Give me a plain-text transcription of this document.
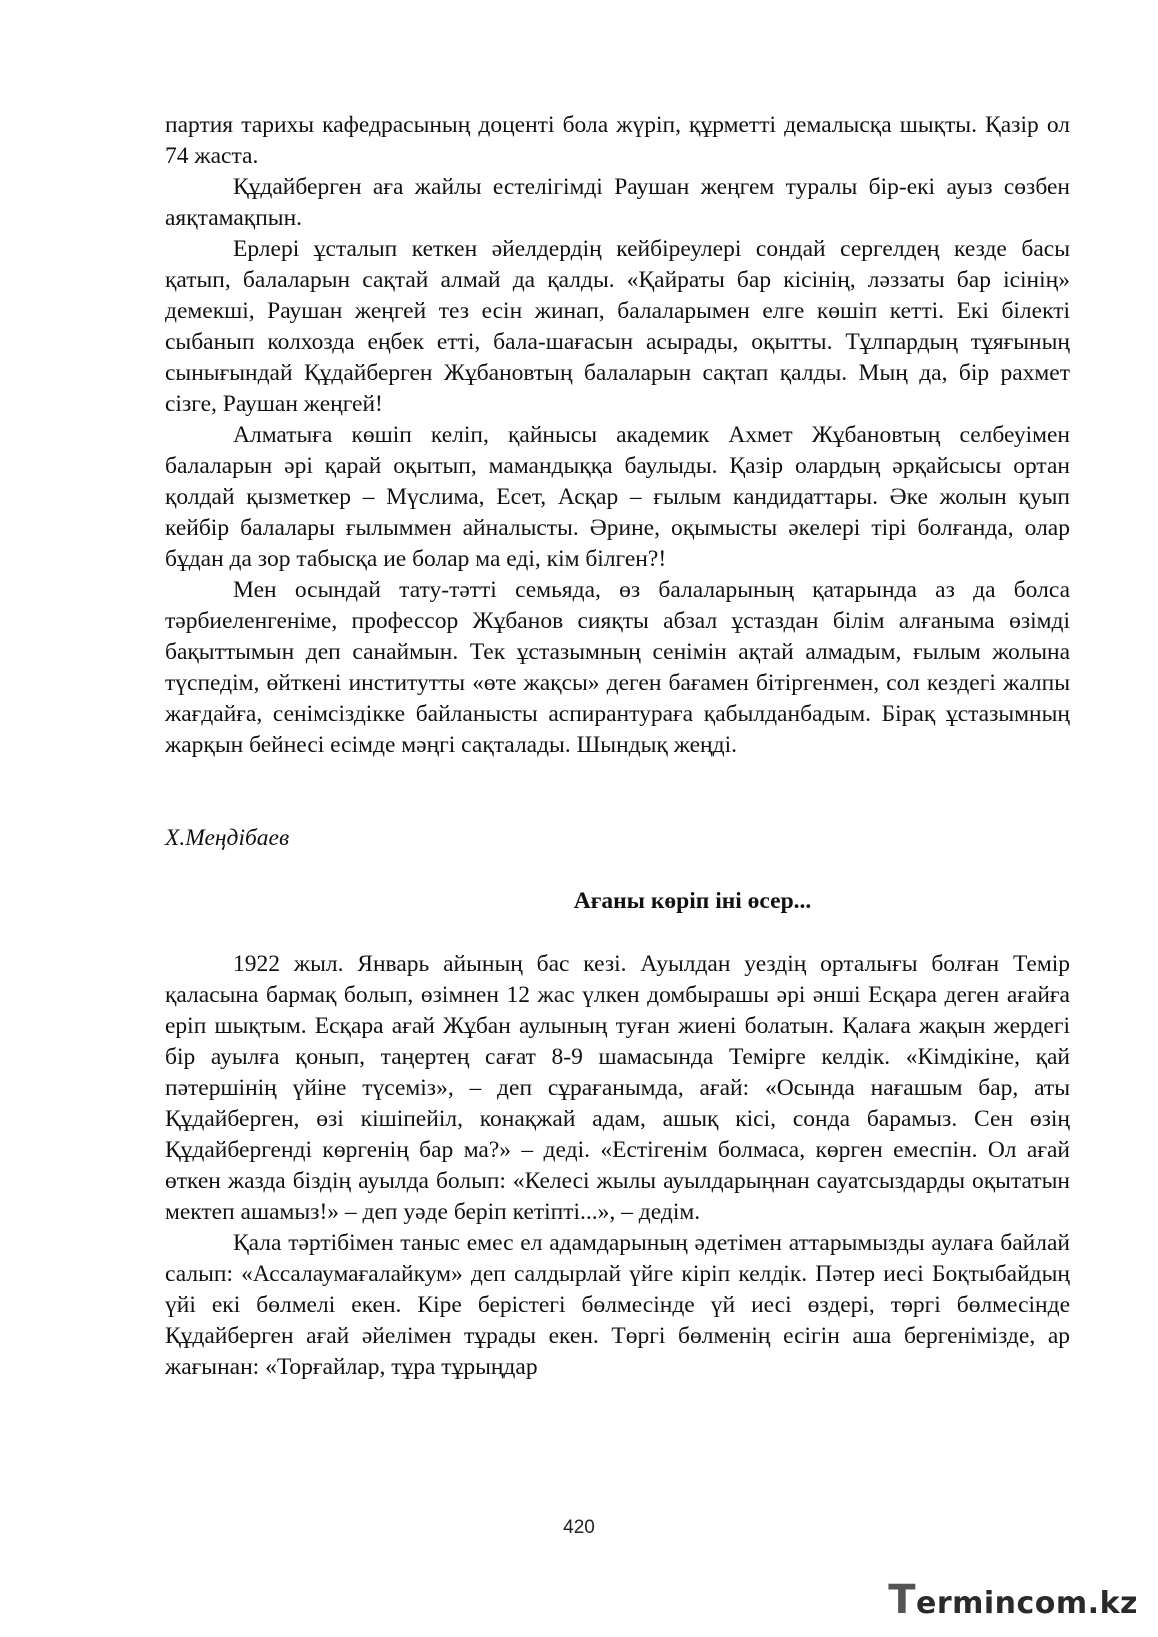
партия тарихы кафедрасының доценті бола жүріп, құрметті демалысқа шықты. Қазір ол 74 жаста.

Құдайберген аға жайлы естелігімді Раушан жеңгем туралы бір-екі ауыз сөзбен аяқтамақпын.

Ерлері ұсталып кеткен әйелдердің кейбіреулері сондай сергелдең кезде басы қатып, балаларын сақтай алмай да қалды. «Қайраты бар кісінің, ләззаты бар ісінің» демекші, Раушан жеңгей тез есін жинап, балаларымен елге көшіп кетті. Екі білекті сыбанып колхозда еңбек етті, бала-шағасын асырады, оқытты. Тұлпардың тұяғының сынығындай Құдайберген Жұбановтың балаларын сақтап қалды. Мың да, бір рахмет сізге, Раушан жеңгей!

Алматыға көшіп келіп, қайнысы академик Ахмет Жұбановтың селбеуімен балаларын әрі қарай оқытып, мамандыққа баулыды. Қазір олардың әрқайсысы ортан қолдай қызметкер – Мүслима, Есет, Асқар – ғылым кандидаттары. Әке жолын қуып кейбір балалары ғылыммен айналысты. Әрине, оқымысты әкелері тірі болғанда, олар бұдан да зор табысқа ие болар ма еді, кім білген?!

Мен осындай тату-тәтті семьяда, өз балаларының қатарында аз да болса тәрбиеленгеніме, профессор Жұбанов сияқты абзал ұстаздан білім алғаныма өзімді бақыттымын деп санаймын. Тек ұстазымның сенімін ақтай алмадым, ғылым жолына түспедім, өйткені институтты «өте жақсы» деген бағамен бітіргенмен, сол кездегі жалпы жағдайға, сенімсіздікке байланысты аспирантураға қабылданбадым. Бірақ ұстазымның жарқын бейнесі есімде мәңгі сақталады. Шындық жеңді.

Х.Меңдібаев

Ағаны көріп іні өсер...

1922 жыл. Январь айының бас кезі. Ауылдан уездің орталығы болған Темір қаласына бармақ болып, өзімнен 12 жас үлкен домбырашы әрі әнші Есқара деген ағайға еріп шықтым. Есқара ағай Жұбан аулының туған жиені болатын. Қалаға жақын жердегі бір ауылға қонып, таңертең сағат 8-9 шамасында Темірге келдік. «Кімдікіне, қай пәтершінің үйіне түсеміз», – деп сұрағанымда, ағай: «Осында нағашым бар, аты Құдайберген, өзі кішіпейіл, конақжай адам, ашық кісі, сонда барамыз. Сен өзің Құдайбергенді көргенің бар ма?» – деді. «Естігенім болмаса, көрген емеспін. Ол ағай өткен жазда біздің ауылда болып: «Келесі жылы ауылдарыңнан сауатсыздарды оқытатын мектеп ашамыз!» – деп уәде беріп кетіпті...», – дедім.

Қала тәртібімен таныс емес ел адамдарының әдетімен аттарымызды аулаға байлай салып: «Ассалаумағалайкум» деп салдырлай үйге кіріп келдік. Пәтер иесі Боқтыбайдың үйі екі бөлмелі екен. Кіре берістегі бөлмесінде үй иесі өздері, төргі бөлмесінде Құдайберген ағай әйелімен тұрады екен. Төргі бөлменің есігін аша бергенімізде, ар жағынан: «Торғайлар, тұра тұрыңдар

420
Termincom.kz
